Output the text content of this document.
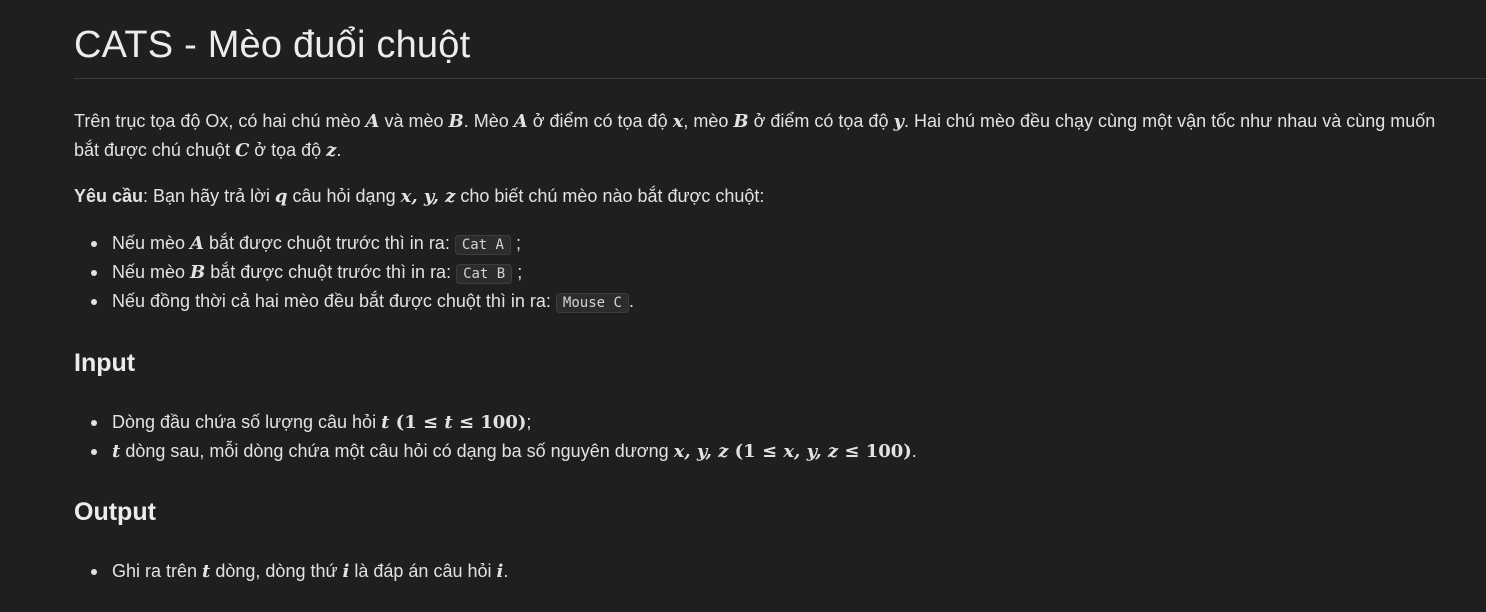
CATS - Mèo đuổi chuột

Trên trục tọa độ Ox, có hai chú mèo A và mèo B. Mèo A ở điểm có tọa độ x, mèo B ở điểm có tọa độ y. Hai chú mèo đều chạy cùng một vận tốc như nhau và cùng muốn bắt được chú chuột C ở tọa độ z.

Yêu cầu: Bạn hãy trả lời q câu hỏi dạng x, y, z cho biết chú mèo nào bắt được chuột:

Nếu mèo A bắt được chuột trước thì in ra: Cat A ;
Nếu mèo B bắt được chuột trước thì in ra: Cat B ;
Nếu đồng thời cả hai mèo đều bắt được chuột thì in ra: Mouse C .
Input
Dòng đầu chứa số lượng câu hỏi t (1 ≤ t ≤ 100);
t dòng sau, mỗi dòng chứa một câu hỏi có dạng ba số nguyên dương x, y, z (1 ≤ x, y, z ≤ 100).
Output
Ghi ra trên t dòng, dòng thứ i là đáp án câu hỏi i.
